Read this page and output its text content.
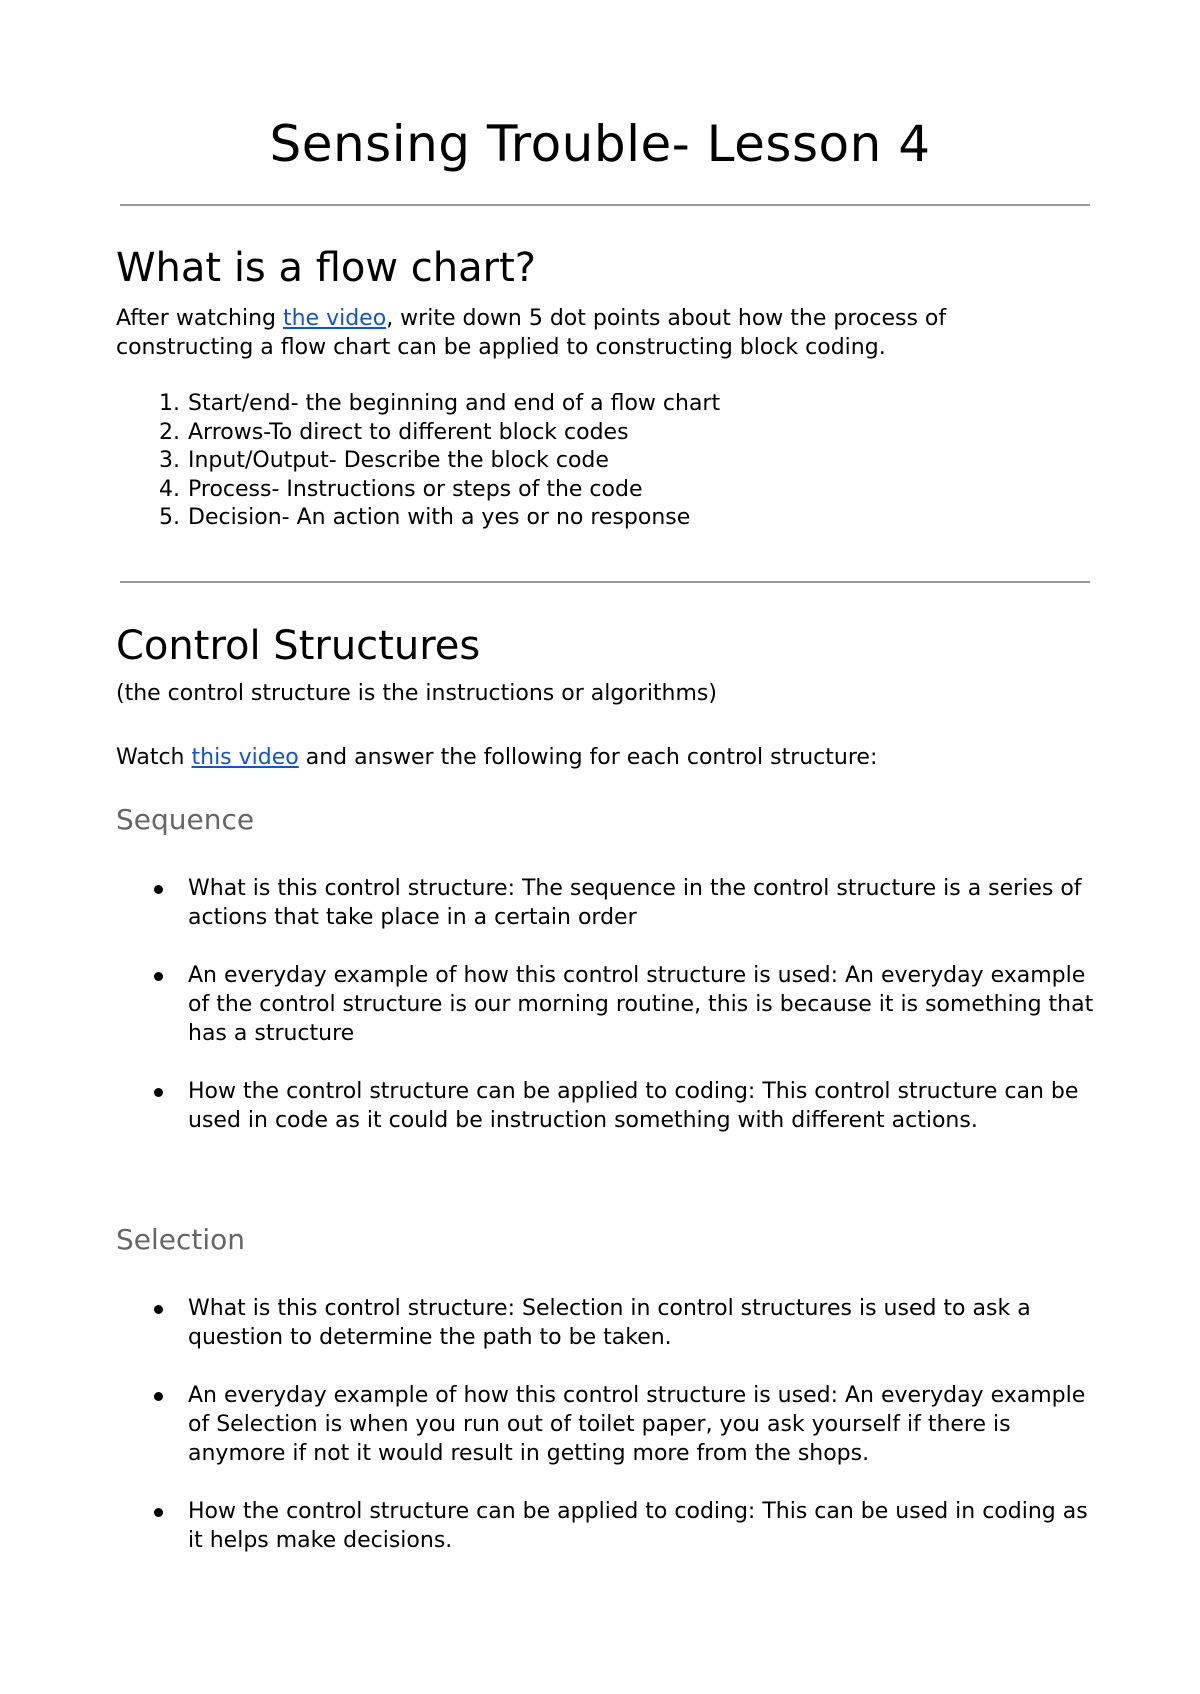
Sensing Trouble- Lesson 4
What is a flow chart?

After watching the video, write down 5 dot points about how the process of constructing a flow chart can be applied to constructing block coding.

1. Start/end- the beginning and end of a flow chart
2. Arrows-To direct to different block codes
3. Input/Output- Describe the block code
4. Process- Instructions or steps of the code
5. Decision- An action with a yes or no response
Control Structures

(the control structure is the instructions or algorithms)

Watch this video and answer the following for each control structure:

Sequence
What is this control structure: The sequence in the control structure is a series of actions that take place in a certain order
An everyday example of how this control structure is used: An everyday example of the control structure is our morning routine, this is because it is something that has a structure
How the control structure can be applied to coding: This control structure can be used in code as it could be instruction something with different actions.
Selection
What is this control structure: Selection in control structures is used to ask a question to determine the path to be taken.
An everyday example of how this control structure is used: An everyday example of Selection is when you run out of toilet paper, you ask yourself if there is anymore if not it would result in getting more from the shops.
How the control structure can be applied to coding: This can be used in coding as it helps make decisions.
